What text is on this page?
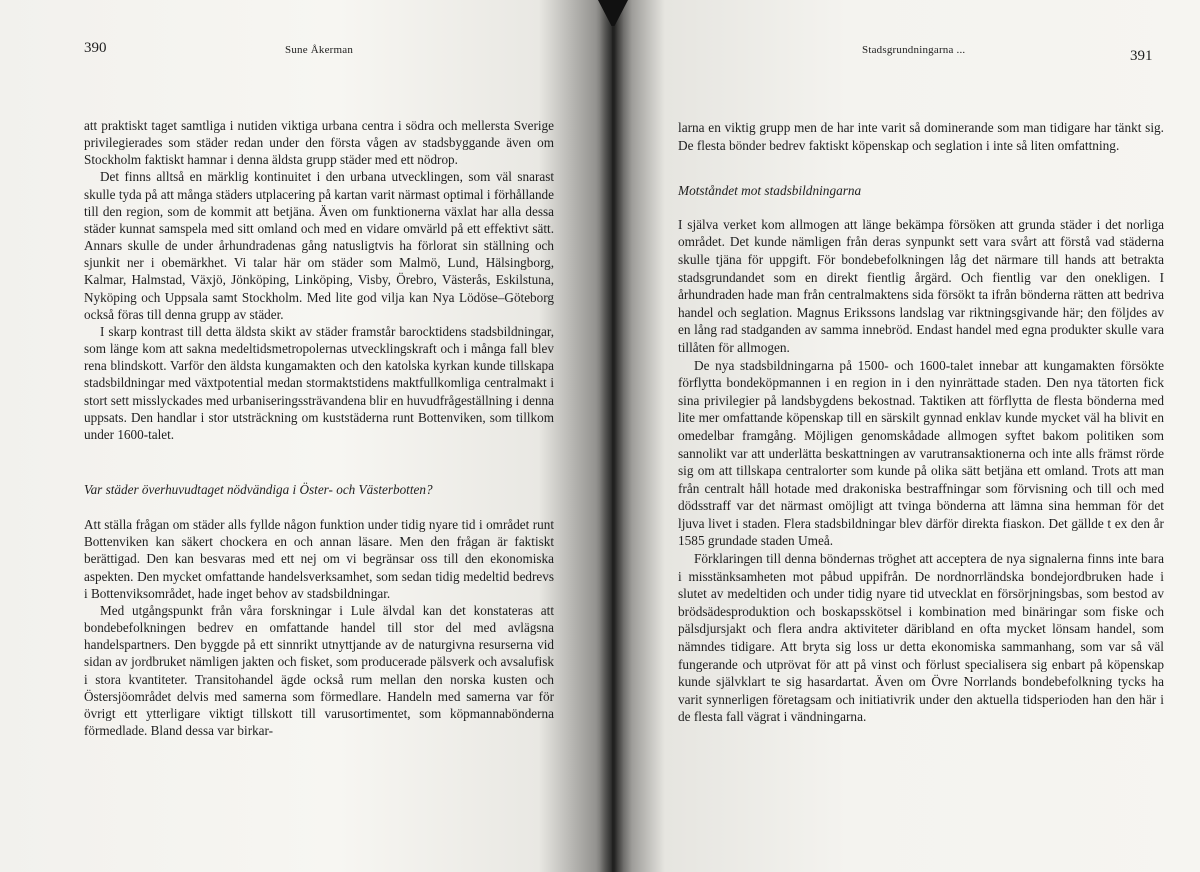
390	Sune Åkerman

att praktiskt taget samtliga i nutiden viktiga urbana centra i södra och mellersta Sverige privilegierades som städer redan under den första vågen av stadsbyggande även om Stockholm faktiskt hamnar i denna äldsta grupp städer med ett nödrop.

Det finns alltså en märklig kontinuitet i den urbana utvecklingen, som väl snarast skulle tyda på att många städers utplacering på kartan varit närmast optimal i förhållande till den region, som de kommit att betjäna. Även om funktionerna växlat har alla dessa städer kunnat samspela med sitt omland och med en vidare omvärld på ett effektivt sätt. Annars skulle de under århundradenas gång natusligtvis ha förlorat sin ställning och sjunkit ner i obemärkhet. Vi talar här om städer som Malmö, Lund, Hälsingborg, Kalmar, Halmstad, Växjö, Jönköping, Linköping, Visby, Örebro, Västerås, Eskilstuna, Nyköping och Uppsala samt Stockholm. Med lite god vilja kan Nya Lödöse–Göteborg också föras till denna grupp av städer.

I skarp kontrast till detta äldsta skikt av städer framstår barocktidens stadsbildningar, som länge kom att sakna medeltidsmetropolernas utvecklingskraft och i många fall blev rena blindskott. Varför den äldsta kungamakten och den katolska kyrkan kunde tillskapa stadsbildningar med växtpotential medan stormaktstidens maktfullkomliga centralmakt i stort sett misslyckades med urbaniseringssträvandena blir en huvudfrågeställning i denna uppsats. Den handlar i stor utsträckning om kuststäderna runt Bottenviken, som tillkom under 1600-talet.

Var städer överhuvudtaget nödvändiga i Öster- och Västerbotten?

Att ställa frågan om städer alls fyllde någon funktion under tidig nyare tid i området runt Bottenviken kan säkert chockera en och annan läsare. Men den frågan är faktiskt berättigad. Den kan besvaras med ett nej om vi begränsar oss till den ekonomiska aspekten. Den mycket omfattande handelsverksamhet, som sedan tidig medeltid bedrevs i Bottenviksområdet, hade inget behov av stadsbildningar.

Med utgångspunkt från våra forskningar i Lule älvdal kan det konstateras att bondebefolkningen bedrev en omfattande handel till stor del med avlägsna handelspartners. Den byggde på ett sinnrikt utnyttjande av de naturgivna resurserna vid sidan av jordbruket nämligen jakten och fisket, som producerade pälsverk och avsalufisk i stora kvantiteter. Transitohandel ägde också rum mellan den norska kusten och Östersjöområdet delvis med samerna som förmedlare. Handeln med samerna var för övrigt ett ytterligare viktigt tillskott till varusortimentet, som köpmannabönderna förmedlade. Bland dessa var birkar-

Stadsgrundningarna ...	391

larna en viktig grupp men de har inte varit så dominerande som man tidigare har tänkt sig. De flesta bönder bedrev faktiskt köpenskap och seglation i inte så liten omfattning.

Motståndet mot stadsbildningarna

I själva verket kom allmogen att länge bekämpa försöken att grunda städer i det norliga området. Det kunde nämligen från deras synpunkt sett vara svårt att förstå vad städerna skulle tjäna för uppgift. För bondebefolkningen låg det närmare till hands att betrakta stadsgrundandet som en direkt fientlig årgärd. Och fientlig var den onekligen. I århundraden hade man från centralmaktens sida försökt ta ifrån bönderna rätten att bedriva handel och seglation. Magnus Erikssons landslag var riktningsgivande här; den följdes av en lång rad stadganden av samma innebröd. Endast handel med egna produkter skulle vara tillåten för allmogen.

De nya stadsbildningarna på 1500- och 1600-talet innebar att kungamakten försökte förflytta bondeköpmannen i en region in i den nyinrättade staden. Den nya tätorten fick sina privilegier på landsbygdens bekostnad. Taktiken att förflytta de flesta bönderna med lite mer omfattande köpenskap till en särskilt gynnad enklav kunde mycket väl ha blivit en omedelbar framgång. Möjligen genomskådade allmogen syftet bakom politiken som sannolikt var att underlätta beskattningen av varutransaktionerna och inte alls främst rörde sig om att tillskapa centralorter som kunde på olika sätt betjäna ett omland. Trots att man från centralt håll hotade med drakoniska bestraffningar som förvisning och till och med dödsstraff var det närmast omöjligt att tvinga bönderna att lämna sina hemman för det ljuva livet i staden. Flera stadsbildningar blev därför direkta fiaskon. Det gällde t ex den år 1585 grundade staden Umeå.

Förklaringen till denna böndernas tröghet att acceptera de nya signalerna finns inte bara i misstänksamheten mot påbud uppifrån. De nordnorrländska bondejordbruken hade i slutet av medeltiden och under tidig nyare tid utvecklat en försörjningsbas, som bestod av brödsädesproduktion och boskapsskötsel i kombination med binäringar som fiske och pälsdjursjakt och flera andra aktiviteter däribland en ofta mycket lönsam handel, som nämndes tidigare. Att bryta sig loss ur detta ekonomiska sammanhang, som var så väl fungerande och utprövat för att på vinst och förlust specialisera sig enbart på köpenskap kunde självklart te sig hasardartat. Även om Övre Norrlands bondebefolkning tycks ha varit synnerligen företagsam och initiativrik under den aktuella tidsperioden han den här i de flesta fall vägrat i vändningarna.
